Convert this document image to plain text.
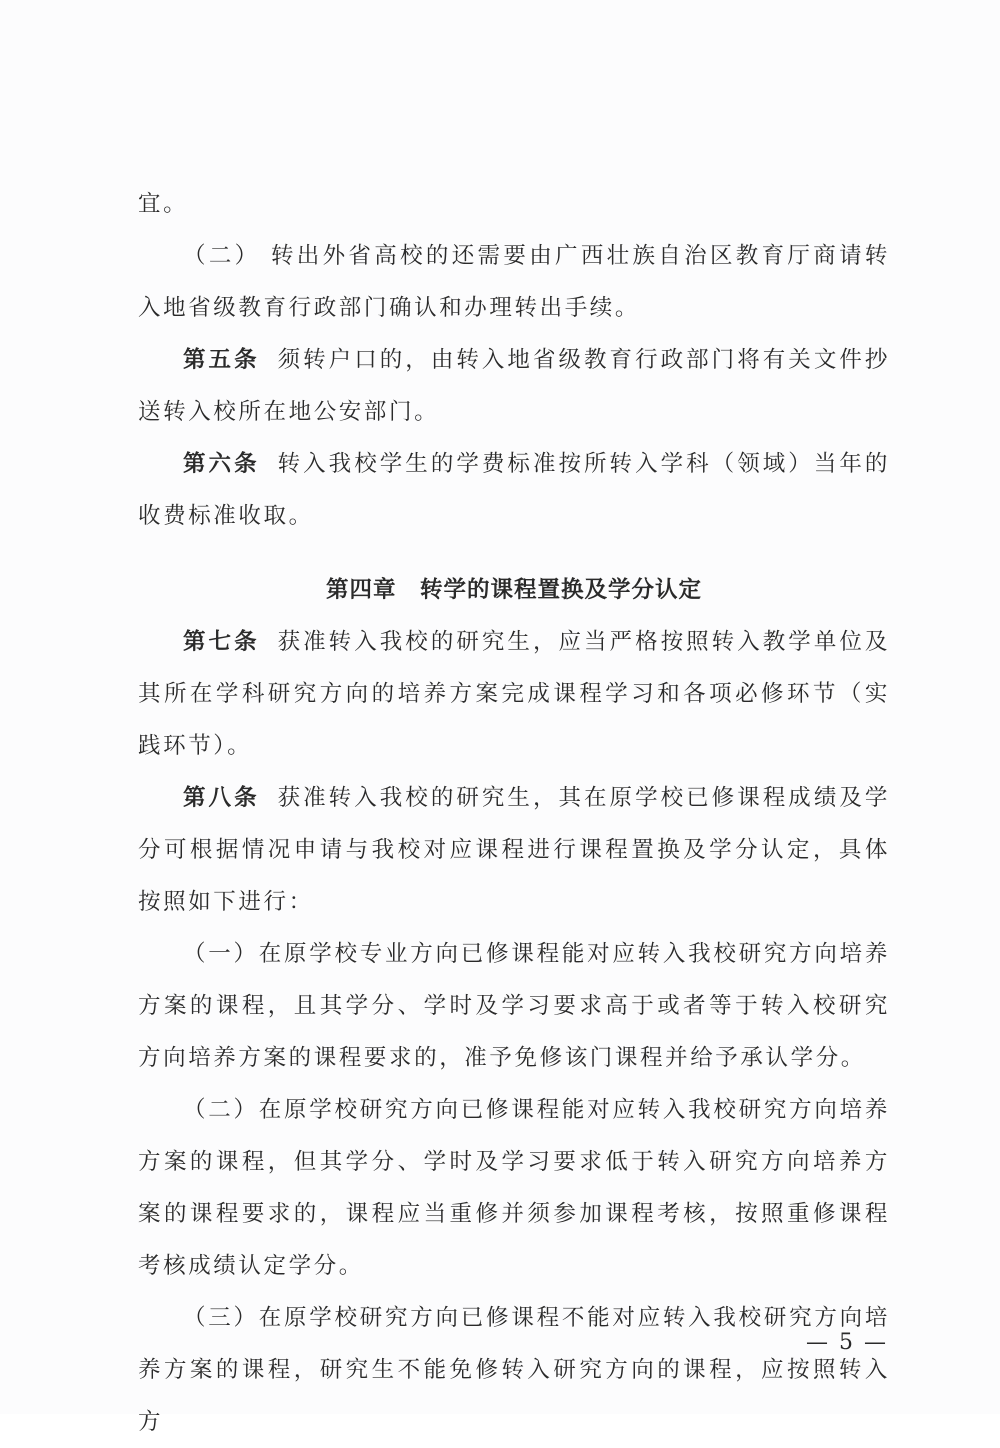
宜。

（二） 转出外省高校的还需要由广西壮族自治区教育厅商请转入地省级教育行政部门确认和办理转出手续。

第五条 须转户口的，由转入地省级教育行政部门将有关文件抄送转入校所在地公安部门。

第六条 转入我校学生的学费标准按所转入学科（领域）当年的收费标准收取。

第四章　转学的课程置换及学分认定

第七条 获准转入我校的研究生，应当严格按照转入教学单位及其所在学科研究方向的培养方案完成课程学习和各项必修环节（实践环节）。

第八条 获准转入我校的研究生，其在原学校已修课程成绩及学分可根据情况申请与我校对应课程进行课程置换及学分认定，具体按照如下进行：

（一）在原学校专业方向已修课程能对应转入我校研究方向培养方案的课程，且其学分、学时及学习要求高于或者等于转入校研究方向培养方案的课程要求的，准予免修该门课程并给予承认学分。

（二）在原学校研究方向已修课程能对应转入我校研究方向培养方案的课程，但其学分、学时及学习要求低于转入研究方向培养方案的课程要求的，课程应当重修并须参加课程考核，按照重修课程考核成绩认定学分。

（三）在原学校研究方向已修课程不能对应转入我校研究方向培养方案的课程，研究生不能免修转入研究方向的课程，应按照转入方

— 5 —
